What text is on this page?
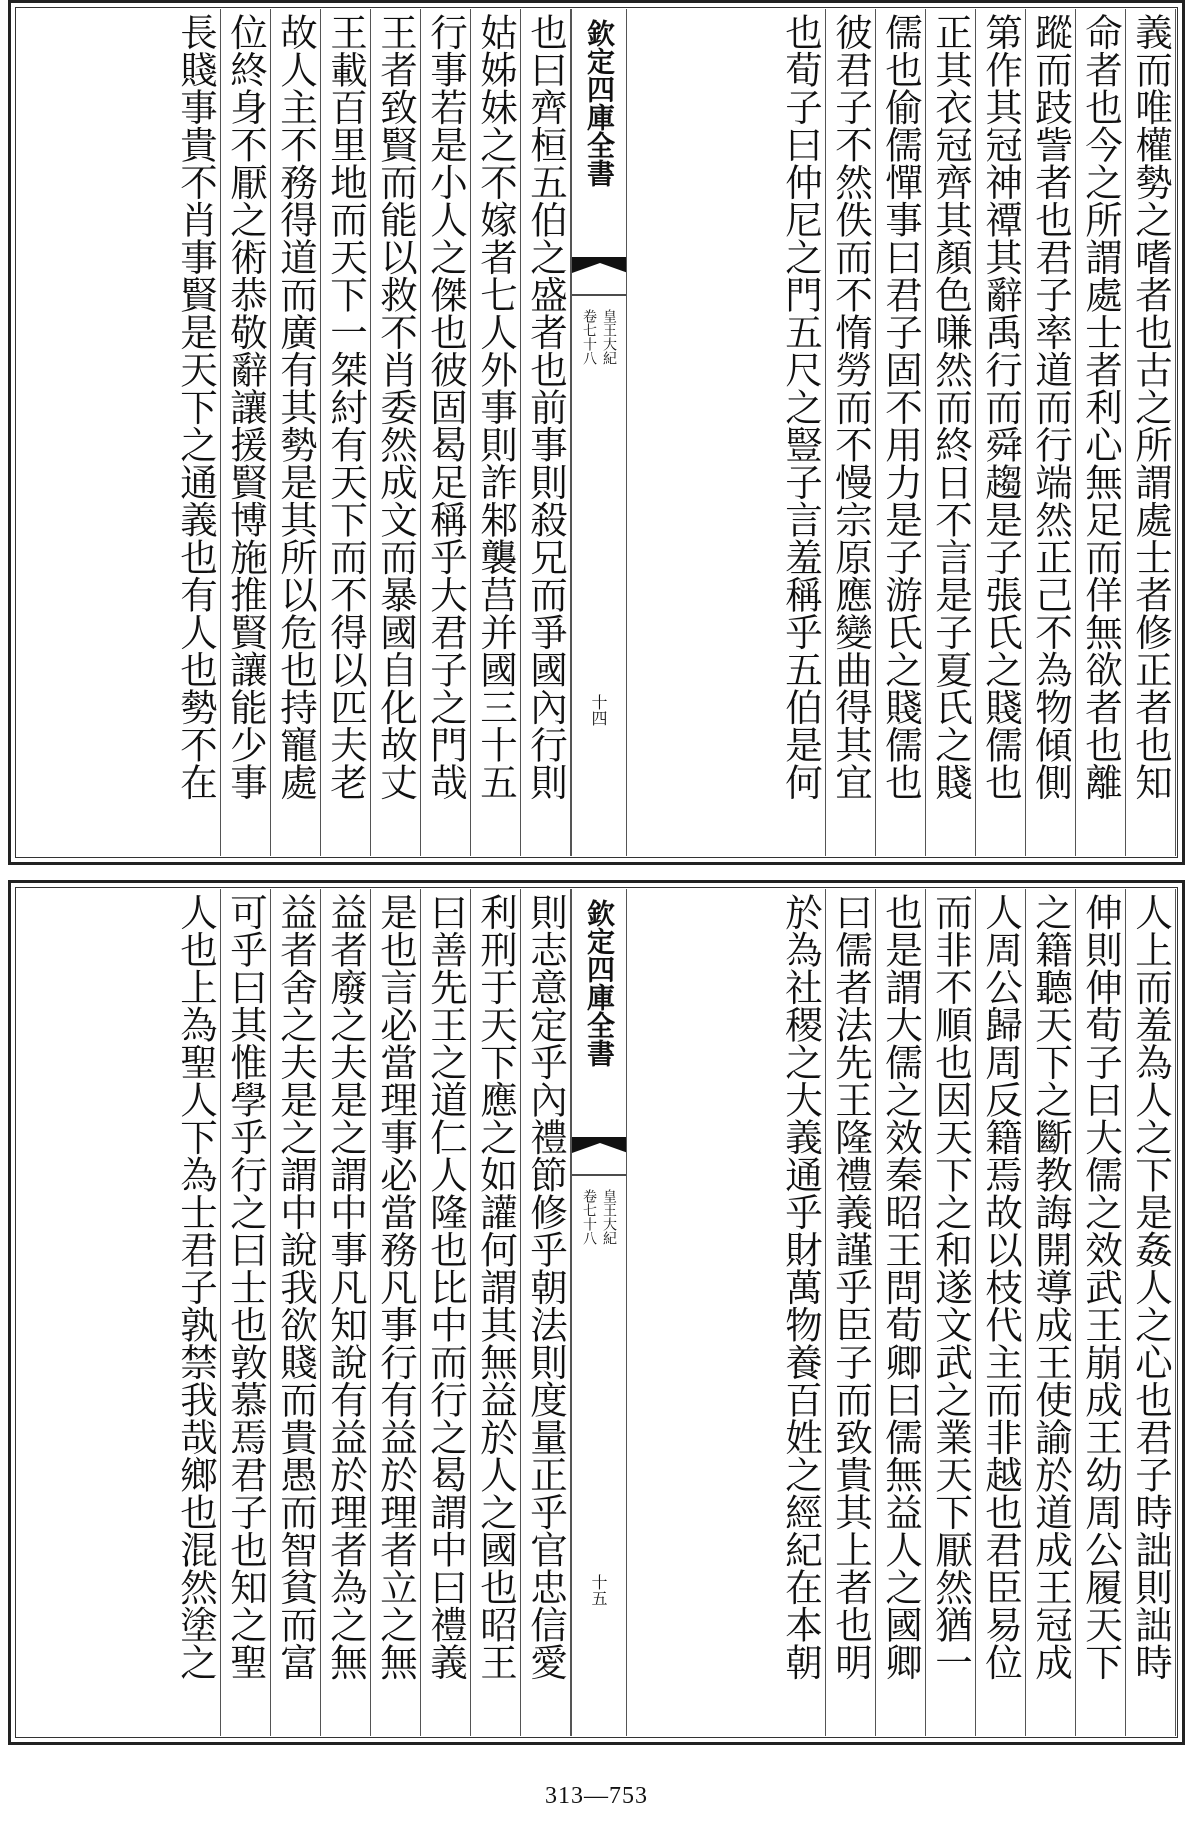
義而唯權勢之嗜者也古之所謂處士者修正者也知
命者也今之所謂處士者利心無足而佯無欲者也離
蹤而跂訾者也君子率道而行端然正己不為物傾側
第作其冠神禫其辭禹行而舜趨是子張氏之賤儒也
正其衣冠齊其顏色嗛然而終日不言是子夏氏之賤
儒也偷儒憚事曰君子固不用力是子游氏之賤儒也
彼君子不然佚而不惰勞而不慢宗原應變曲得其宜
也荀子曰仲尼之門五尺之豎子言羞稱乎五伯是何
欽定四庫全書
皇王大紀
卷七十八
十四
也曰齊桓五伯之盛者也前事則殺兄而爭國內行則
姑姊妹之不嫁者七人外事則詐邾襲莒并國三十五
行事若是小人之傑也彼固曷足稱乎大君子之門哉
王者致賢而能以救不肖委然成文而暴國自化故丈
王載百里地而天下一桀紂有天下而不得以匹夫老
故人主不務得道而廣有其勢是其所以危也持寵處
位終身不厭之術恭敬辭讓援賢博施推賢讓能少事
長賤事貴不肖事賢是天下之通義也有人也勢不在
人上而羞為人之下是姦人之心也君子時詘則詘時
伸則伸荀子曰大儒之效武王崩成王幼周公履天下
之籍聽天下之斷教誨開導成王使諭於道成王冠成
人周公歸周反籍焉故以枝代主而非越也君臣易位
而非不順也因天下之和遂文武之業天下厭然猶一
也是謂大儒之效秦昭王問荀卿曰儒無益人之國卿
曰儒者法先王隆禮義謹乎臣子而致貴其上者也明
於為社稷之大義通乎財萬物養百姓之經紀在本朝
欽定四庫全書
皇王大紀
卷七十八
十五
則志意定乎內禮節修乎朝法則度量正乎官忠信愛
利刑于天下應之如讙何謂其無益於人之國也昭王
曰善先王之道仁人隆也比中而行之曷謂中曰禮義
是也言必當理事必當務凡事行有益於理者立之無
益者廢之夫是之謂中事凡知說有益於理者為之無
益者舍之夫是之謂中說我欲賤而貴愚而智貧而富
可乎曰其惟學乎行之曰士也敦慕焉君子也知之聖
人也上為聖人下為士君子孰禁我哉鄉也混然塗之
313—753
